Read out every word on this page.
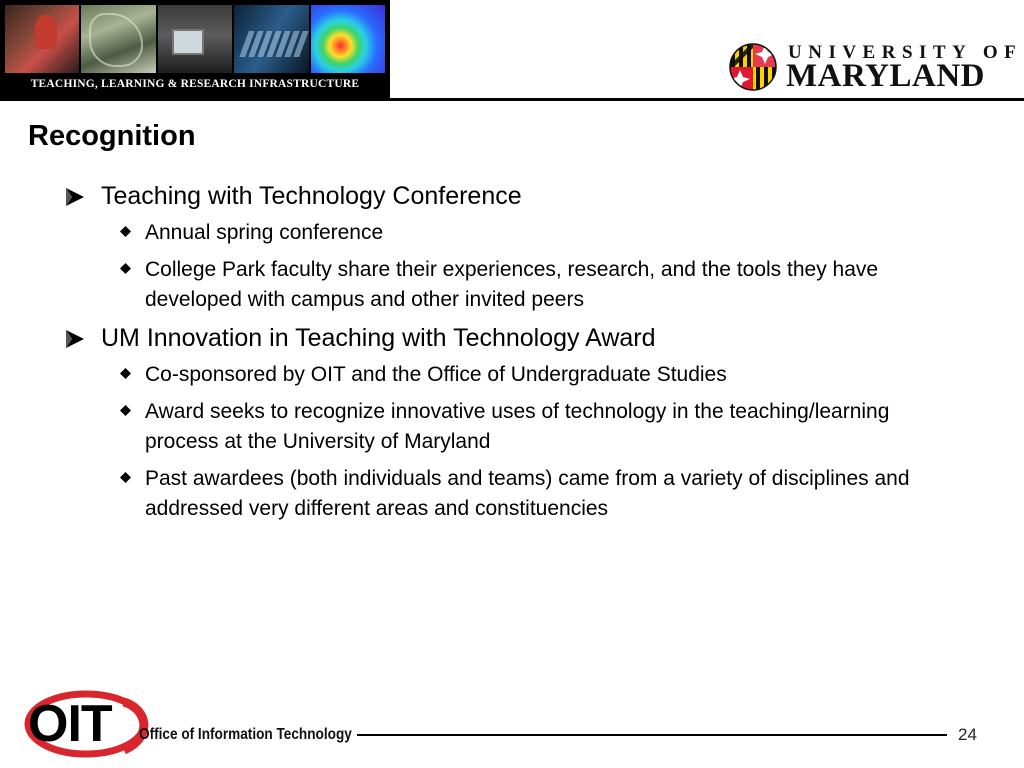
TEACHING, LEARNING & RESEARCH INFRASTRUCTURE
UNIVERSITY OF
MARYLAND
Recognition
Teaching with Technology Conference
Annual spring conference
College Park faculty share their experiences, research, and the tools they have developed with campus and other invited peers
UM Innovation in Teaching with Technology Award
Co-sponsored by OIT and the Office of Undergraduate Studies
Award seeks to recognize innovative uses of technology in the teaching/learning process at the University of Maryland
Past awardees (both individuals and teams) came from a variety of disciplines and addressed very different areas and constituencies
OIT Office of Information Technology	24
